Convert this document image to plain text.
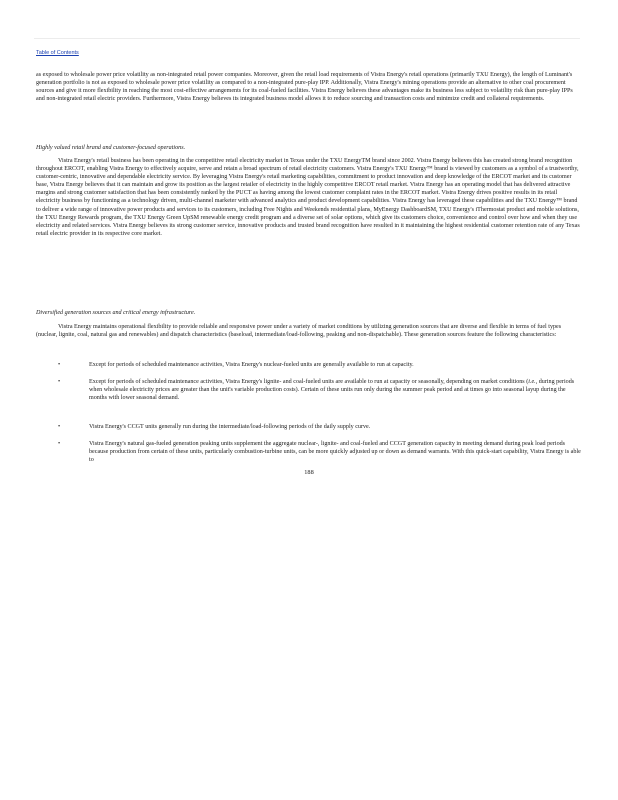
Table of Contents

as exposed to wholesale power price volatility as non-integrated retail power companies. Moreover, given the retail load requirements of Vistra Energy's retail operations (primarily TXU Energy), the length of Luminant's generation portfolio is not as exposed to wholesale power price volatility as compared to a non-integrated pure-play IPP. Additionally, Vistra Energy's mining operations provide an alternative to other coal procurement sources and give it more flexibility in reaching the most cost-effective arrangements for its coal-fueled facilities. Vistra Energy believes these advantages make its business less subject to volatility risk than pure-play IPPs and non-integrated retail electric providers. Furthermore, Vistra Energy believes its integrated business model allows it to reduce sourcing and transaction costs and minimize credit and collateral requirements.

Highly valued retail brand and customer-focused operations.

Vistra Energy's retail business has been operating in the competitive retail electricity market in Texas under the TXU EnergyTM brand since 2002. Vistra Energy believes this has created strong brand recognition throughout ERCOT, enabling Vistra Energy to effectively acquire, serve and retain a broad spectrum of retail electricity customers. Vistra Energy's TXU Energy™ brand is viewed by customers as a symbol of a trustworthy, customer-centric, innovative and dependable electricity service. By leveraging Vistra Energy's retail marketing capabilities, commitment to product innovation and deep knowledge of the ERCOT market and its customer base, Vistra Energy believes that it can maintain and grow its position as the largest retailer of electricity in the highly competitive ERCOT retail market. Vistra Energy has an operating model that has delivered attractive margins and strong customer satisfaction that has been consistently ranked by the PUCT as having among the lowest customer complaint rates in the ERCOT market. Vistra Energy drives positive results in its retail electricity business by functioning as a technology driven, multi-channel marketer with advanced analytics and product development capabilities. Vistra Energy has leveraged these capabilities and the TXU Energy™ brand to deliver a wide range of innovative power products and services to its customers, including Free Nights and Weekends residential plans, MyEnergy DashboardSM, TXU Energy's iThermostat product and mobile solutions, the TXU Energy Rewards program, the TXU Energy Green UpSM renewable energy credit program and a diverse set of solar options, which give its customers choice, convenience and control over how and when they use electricity and related services. Vistra Energy believes its strong customer service, innovative products and trusted brand recognition have resulted in it maintaining the highest residential customer retention rate of any Texas retail electric provider in its respective core market.

Diversified generation sources and critical energy infrastructure.

Vistra Energy maintains operational flexibility to provide reliable and responsive power under a variety of market conditions by utilizing generation sources that are diverse and flexible in terms of fuel types (nuclear, lignite, coal, natural gas and renewables) and dispatch characteristics (baseload, intermediate/load-following, peaking and non-dispatchable). These generation sources feature the following characteristics:

•	Except for periods of scheduled maintenance activities, Vistra Energy's nuclear-fueled units are generally available to run at capacity.

•	Except for periods of scheduled maintenance activities, Vistra Energy's lignite- and coal-fueled units are available to run at capacity or seasonally, depending on market conditions (i.e., during periods when wholesale electricity prices are greater than the unit's variable production costs). Certain of these units run only during the summer peak period and at times go into seasonal layup during the months with lower seasonal demand.

•	Vistra Energy's CCGT units generally run during the intermediate/load-following periods of the daily supply curve.

•	Vistra Energy's natural gas-fueled generation peaking units supplement the aggregate nuclear-, lignite- and coal-fueled and CCGT generation capacity in meeting demand during peak load periods because production from certain of these units, particularly combustion-turbine units, can be more quickly adjusted up or down as demand warrants. With this quick-start capability, Vistra Energy is able to

188
